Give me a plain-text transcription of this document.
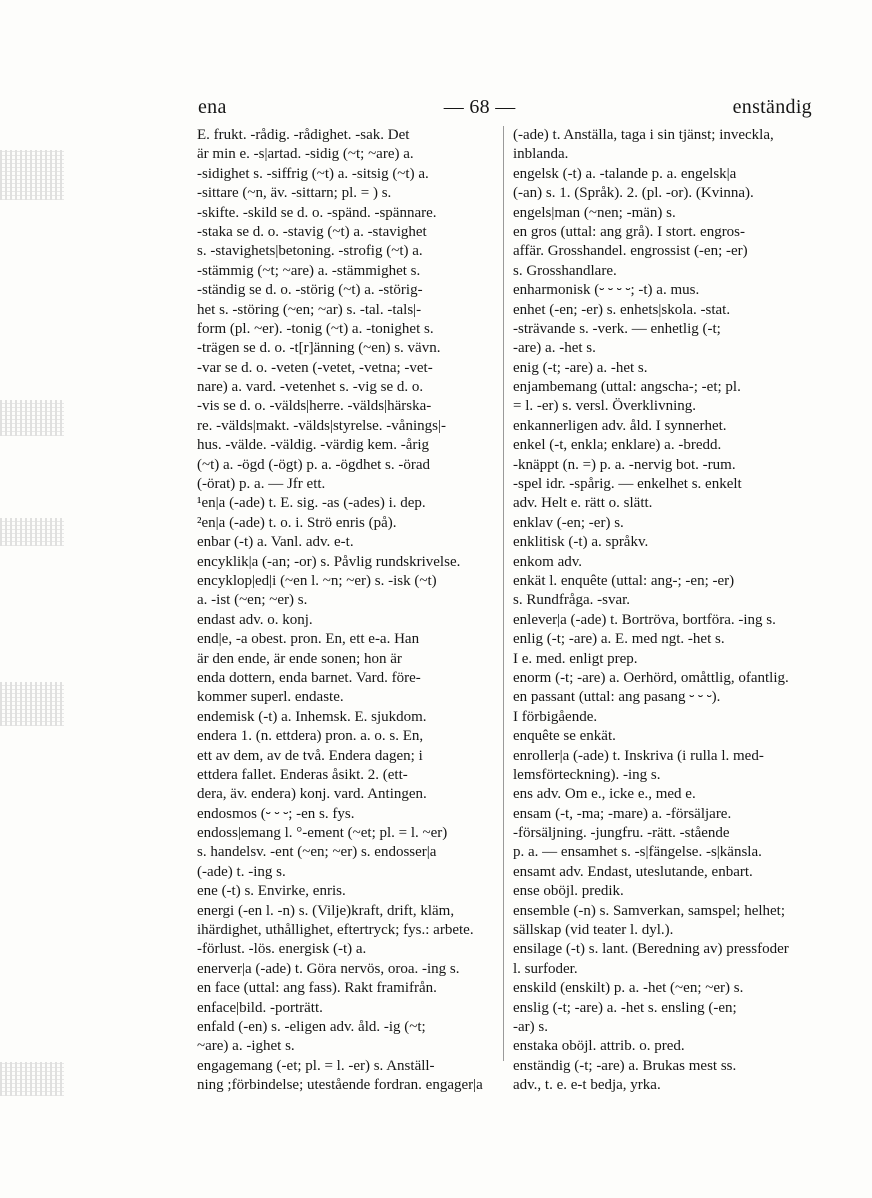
ena	— 68 —	enständig
E. frukt. -rådig. -rådighet. -sak. Det
är min e. -s|artad. -sidig (~t; ~are) a.
-sidighet s. -siffrig (~t) a. -sitsig (~t) a.
-sittare (~n, äv. -sittarn; pl. = ) s.
-skifte. -skild se d. o. -spänd. -spännare.
-staka se d. o. -stavig (~t) a. -stavighet
s. -stavighets|betoning. -strofig (~t) a.
-stämmig (~t; ~are) a. -stämmighet s.
-ständig se d. o. -störig (~t) a. -störig-
het s. -störing (~en; ~ar) s. -tal. -tals|-
form (pl. ~er). -tonig (~t) a. -tonighet s.
-trägen se d. o. -t[r]änning (~en) s. vävn.
-var se d. o. -veten (-vetet, -vetna; -vet-
nare) a. vard. -vetenhet s. -vig se d. o.
-vis se d. o. -välds|herre. -välds|härska-
re. -välds|makt. -välds|styrelse. -vånings|-
hus. -välde. -väldig. -värdig kem. -årig
(~t) a. -ögd (-ögt) p. a. -ögdhet s. -örad
(-örat) p. a. — Jfr ett.
¹en|a (-ade) t. E. sig. -as (-ades) i. dep.
²en|a (-ade) t. o. i. Strö enris (på).
enbar (-t) a. Vanl. adv. e-t.
encyklik|a (-an; -or) s. Påvlig rundskrivelse.
encyklop|ed|i (~en l. ~n; ~er) s. -isk (~t)
a. -ist (~en; ~er) s.
endast adv. o. konj.
end|e, -a obest. pron. En, ett e-a. Han
är den ende, är ende sonen; hon är
enda dottern, enda barnet. Vard. före-
kommer superl. endaste.
endemisk (-t) a. Inhemsk. E. sjukdom.
endera 1. (n. ettdera) pron. a. o. s. En,
ett av dem, av de två. Endera dagen; i
ettdera fallet. Enderas åsikt. 2. (ett-
dera, äv. endera) konj. vard. Antingen.
endosmos (⏑ ⏑ ⏑; -en s. fys.
endoss|emang l. °-ement (~et; pl. = l. ~er)
s. handelsv. -ent (~en; ~er) s. endosser|a
(-ade) t. -ing s.
ene (-t) s. Envirke, enris.
energi (-en l. -n) s. (Vilje)kraft, drift, kläm,
ihärdighet, uthållighet, eftertryck; fys.: arbete.
-förlust. -lös. energisk (-t) a.
enerver|a (-ade) t. Göra nervös, oroa. -ing s.
en face (uttal: ang fass). Rakt framifrån.
enface|bild. -porträtt.
enfald (-en) s. -eligen adv. åld. -ig (~t;
~are) a. -ighet s.
engagemang (-et; pl. = l. -er) s. Anställ-
ning ;förbindelse; utestående fordran. engager|a
(-ade) t. Anställa, taga i sin tjänst; inveckla,
inblanda.
engelsk (-t) a. -talande p. a. engelsk|a
(-an) s. 1. (Språk). 2. (pl. -or). (Kvinna).
engels|man (~nen; -män) s.
en gros (uttal: ang grå). I stort. engros-
affär. Grosshandel. engrossist (-en; -er)
s. Grosshandlare.
enharmonisk (⏑ ⏑ ⏑ ⏑; -t) a. mus.
enhet (-en; -er) s. enhets|skola. -stat.
-strävande s. -verk. — enhetlig (-t;
-are) a. -het s.
enig (-t; -are) a. -het s.
enjambemang (uttal: angscha-; -et; pl.
= l. -er) s. versl. Överklivning.
enkannerligen adv. åld. I synnerhet.
enkel (-t, enkla; enklare) a. -bredd.
-knäppt (n. =) p. a. -nervig bot. -rum.
-spel idr. -spårig. — enkelhet s. enkelt
adv. Helt e. rätt o. slätt.
enklav (-en; -er) s.
enklitisk (-t) a. språkv.
enkom adv.
enkät l. enquête (uttal: ang-; -en; -er)
s. Rundfråga. -svar.
enlever|a (-ade) t. Bortröva, bortföra. -ing s.
enlig (-t; -are) a. E. med ngt. -het s.
I e. med. enligt prep.
enorm (-t; -are) a. Oerhörd, omåttlig, ofantlig.
en passant (uttal: ang pasang ⏑ ⏑ ⏑).
I förbigående.
enquête se enkät.
enroller|a (-ade) t. Inskriva (i rulla l. med-
lemsförteckning). -ing s.
ens adv. Om e., icke e., med e.
ensam (-t, -ma; -mare) a. -försäljare.
-försäljning. -jungfru. -rätt. -stående
p. a. — ensamhet s. -s|fängelse. -s|känsla.
ensamt adv. Endast, uteslutande, enbart.
ense oböjl. predik.
ensemble (-n) s. Samverkan, samspel; helhet;
sällskap (vid teater l. dyl.).
ensilage (-t) s. lant. (Beredning av) pressfoder
l. surfoder.
enskild (enskilt) p. a. -het (~en; ~er) s.
enslig (-t; -are) a. -het s. ensling (-en;
-ar) s.
enstaka oböjl. attrib. o. pred.
enständig (-t; -are) a. Brukas mest ss.
adv., t. e. e-t bedja, yrka.
